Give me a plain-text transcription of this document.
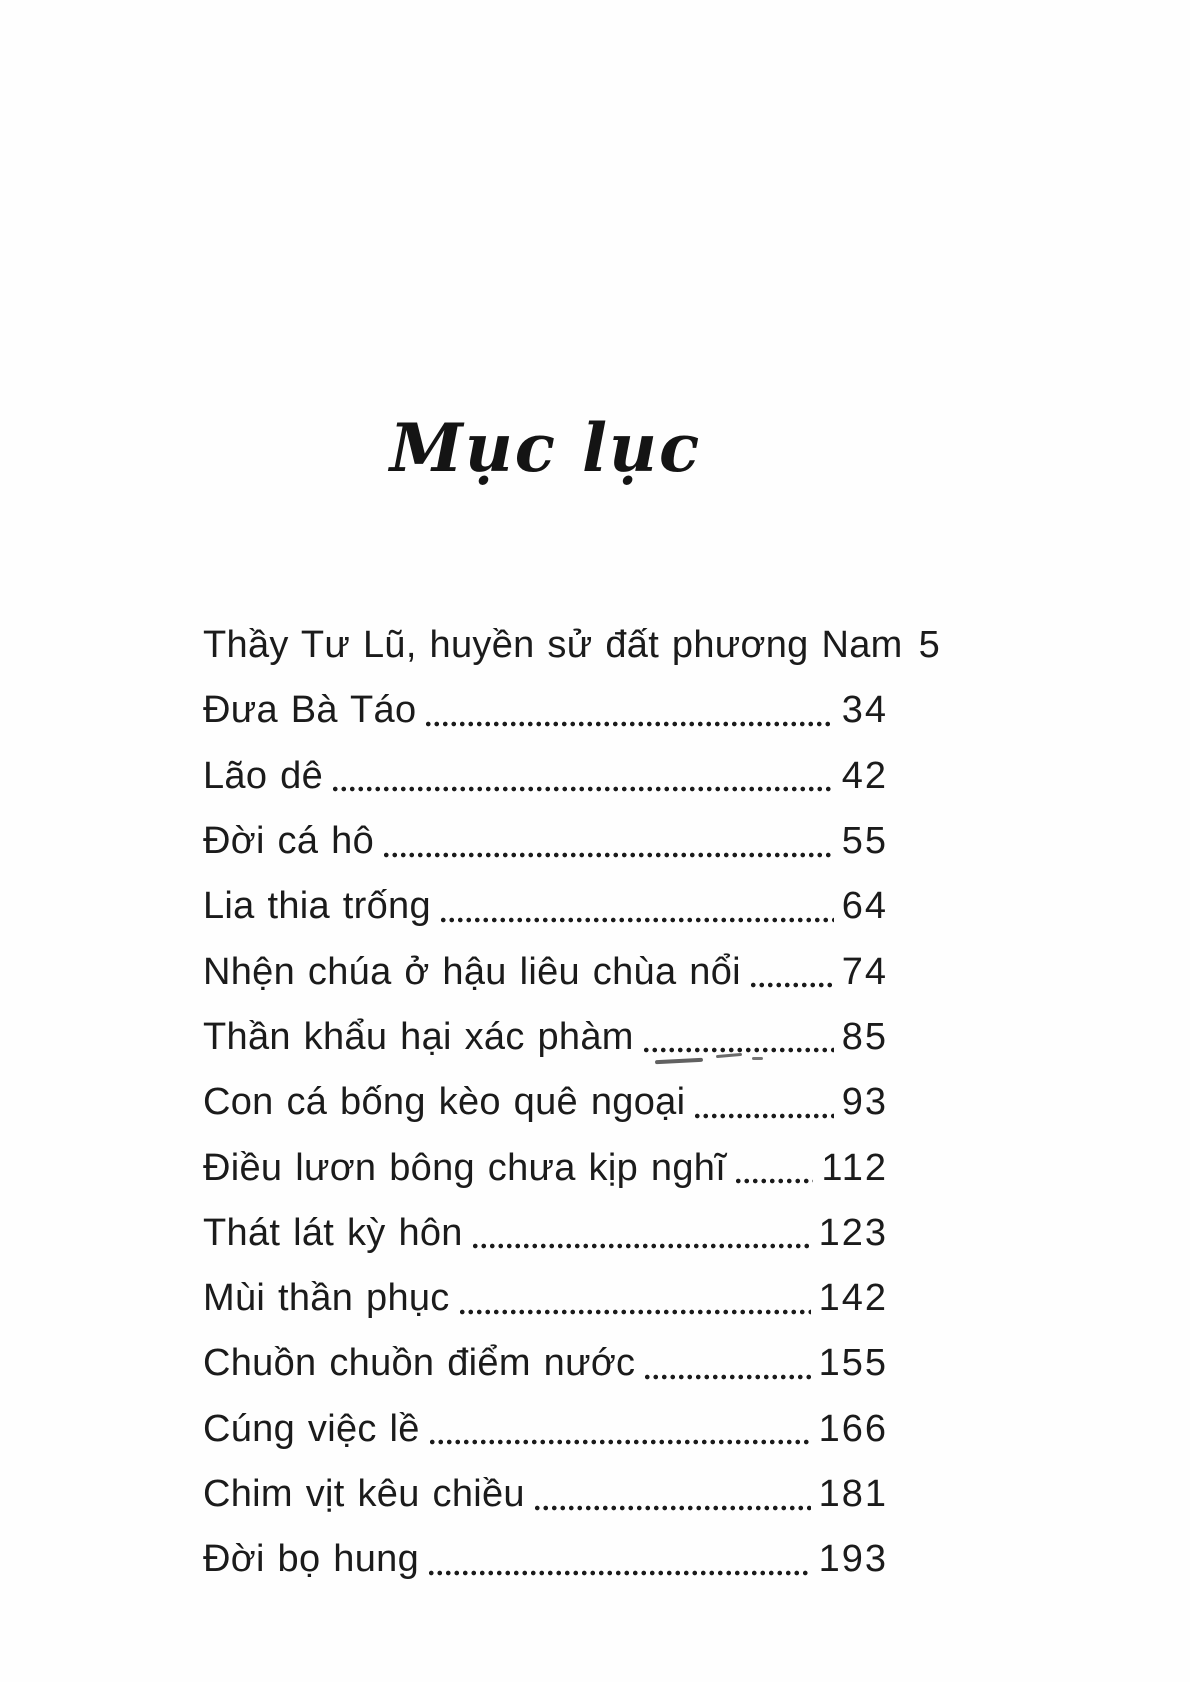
Mục lục
Thầy Tư Lũ, huyền sử đất phương Nam 5
Đưa Bà Táo	34
Lão dê	42
Đời cá hô	55
Lia thia trống	64
Nhện chúa ở hậu liêu chùa nổi	74
Thần khẩu hại xác phàm	85
Con cá bống kèo quê ngoại	93
Điều lươn bông chưa kịp nghĩ	112
Thát lát kỳ hôn	123
Mùi thần phục	142
Chuồn chuồn điểm nước	155
Cúng việc lề	166
Chim vịt kêu chiều	181
Đời bọ hung	193
